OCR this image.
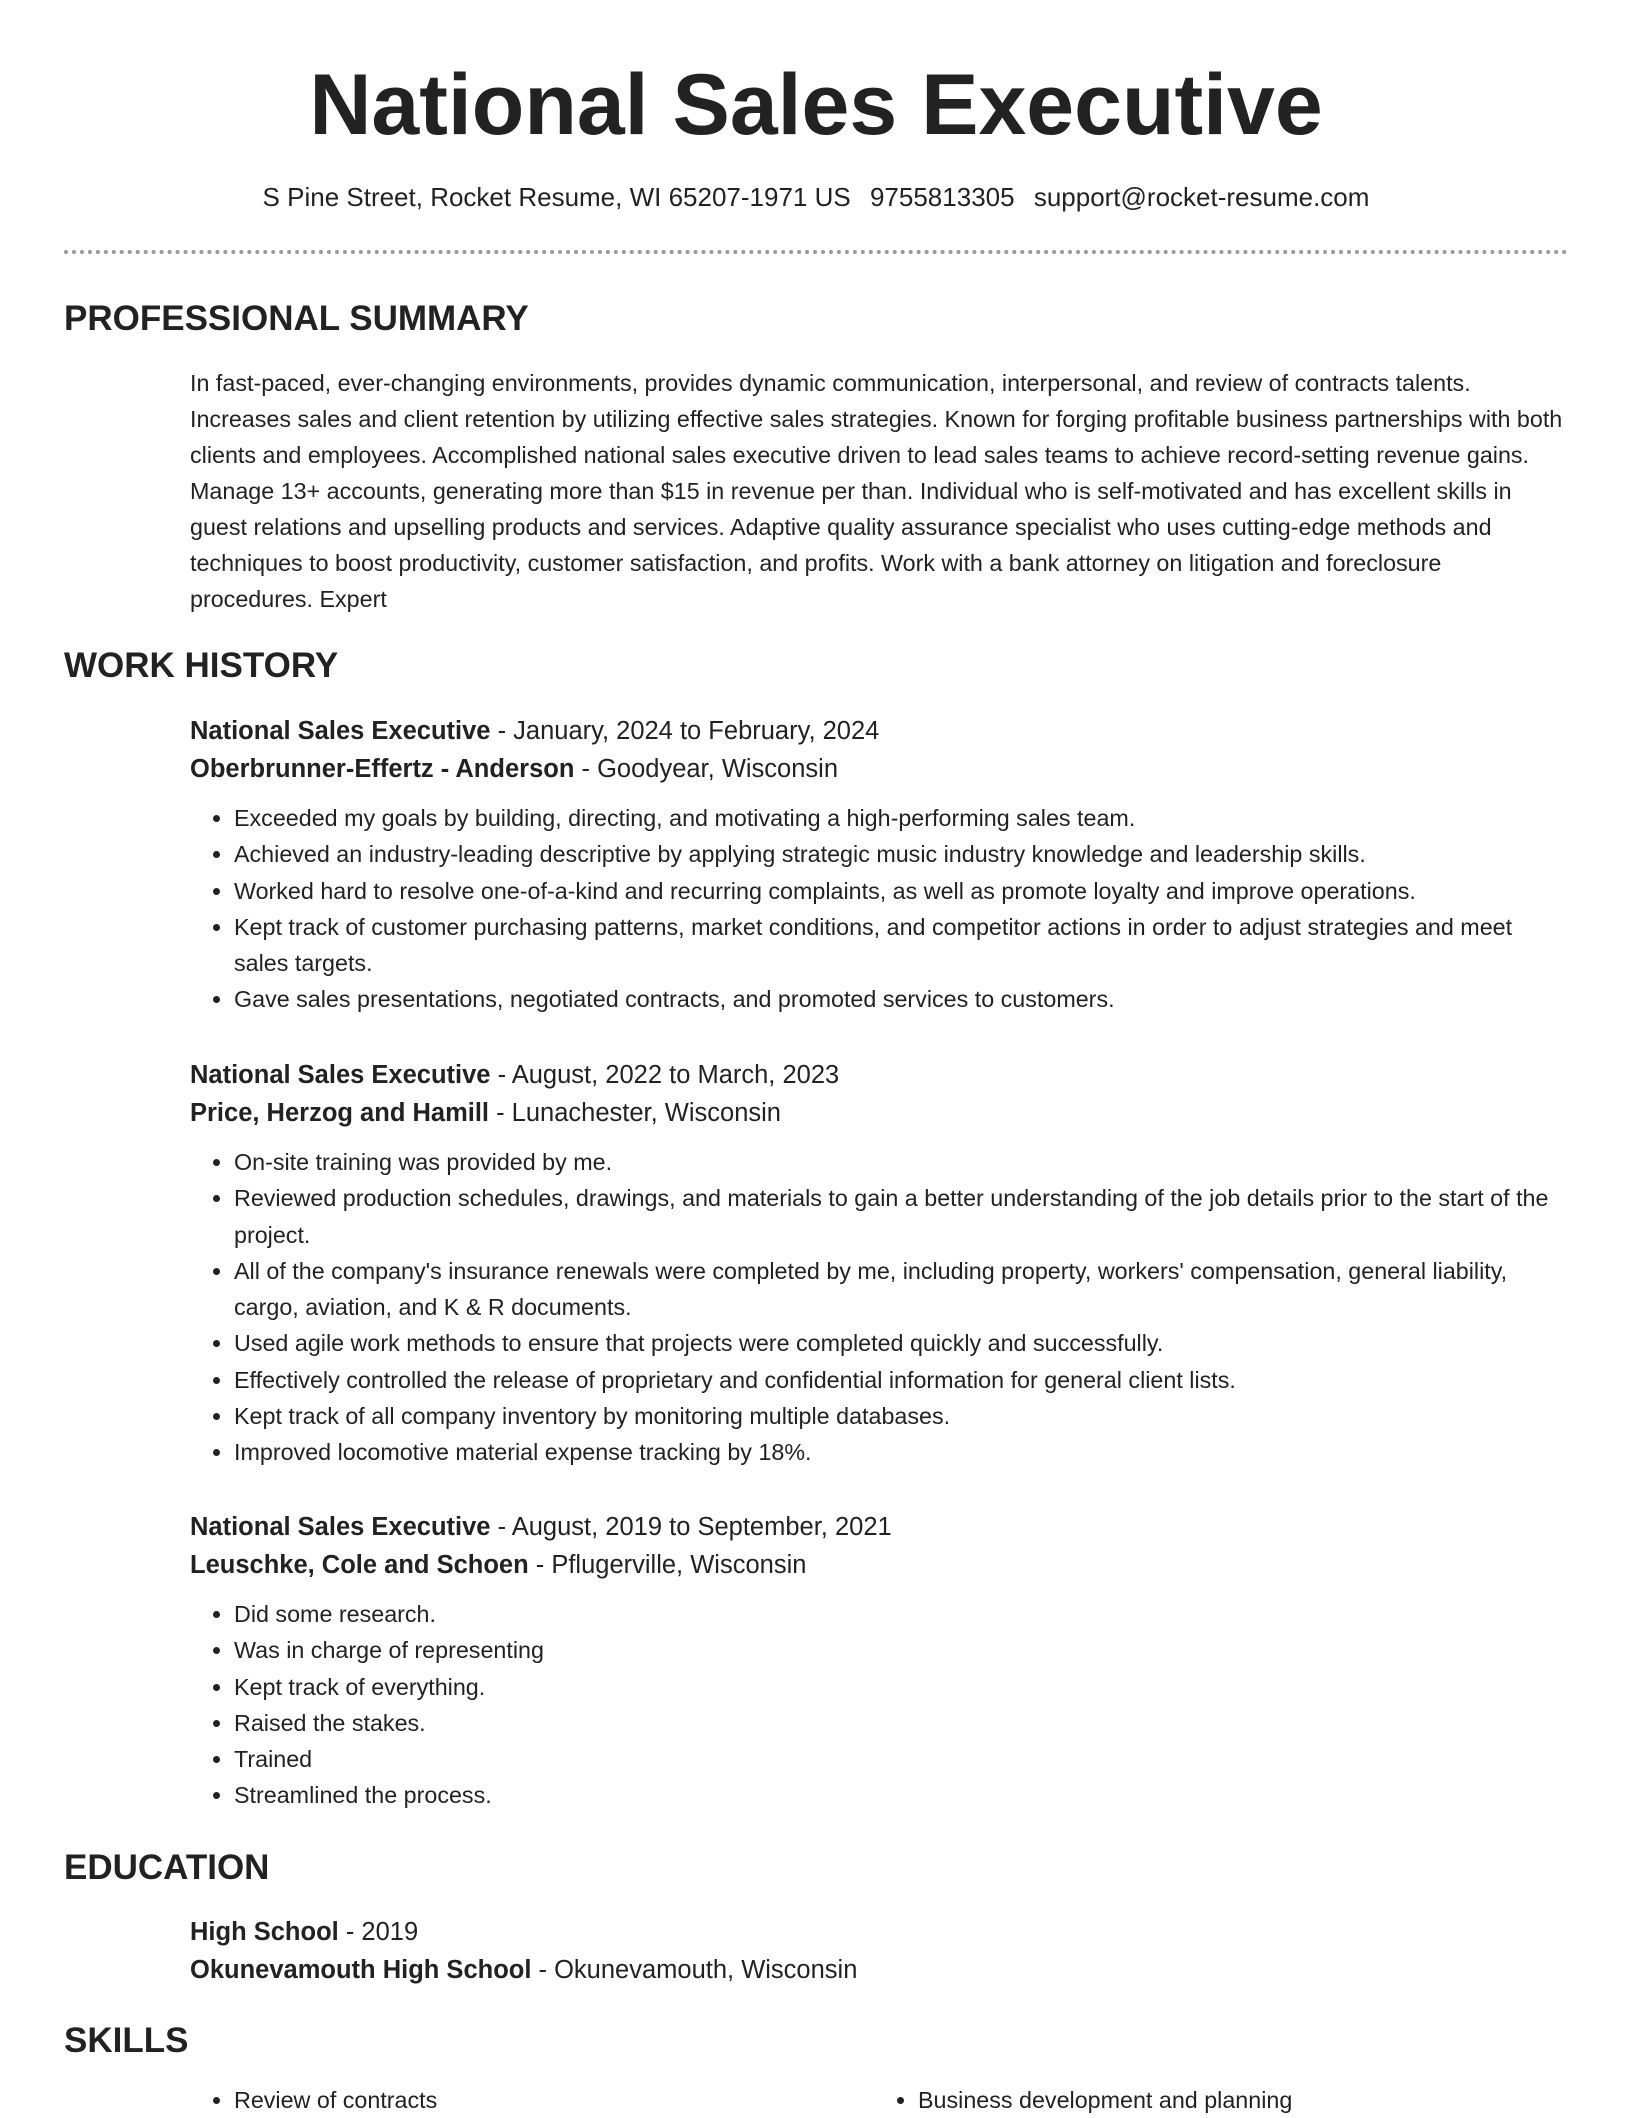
National Sales Executive
S Pine Street, Rocket Resume, WI 65207-1971 US 9755813305 support@rocket-resume.com
PROFESSIONAL SUMMARY

In fast-paced, ever-changing environments, provides dynamic communication, interpersonal, and review of contracts talents. Increases sales and client retention by utilizing effective sales strategies. Known for forging profitable business partnerships with both clients and employees. Accomplished national sales executive driven to lead sales teams to achieve record-setting revenue gains. Manage 13+ accounts, generating more than $15 in revenue per than. Individual who is self-motivated and has excellent skills in guest relations and upselling products and services. Adaptive quality assurance specialist who uses cutting-edge methods and techniques to boost productivity, customer satisfaction, and profits. Work with a bank attorney on litigation and foreclosure procedures. Expert

WORK HISTORY

National Sales Executive - January, 2024 to February, 2024

Oberbrunner-Effertz - Anderson - Goodyear, Wisconsin

• Exceeded my goals by building, directing, and motivating a high-performing sales team.
• Achieved an industry-leading descriptive by applying strategic music industry knowledge and leadership skills.
• Worked hard to resolve one-of-a-kind and recurring complaints, as well as promote loyalty and improve operations.
• Kept track of customer purchasing patterns, market conditions, and competitor actions in order to adjust strategies and meet sales targets.
• Gave sales presentations, negotiated contracts, and promoted services to customers.

National Sales Executive - August, 2022 to March, 2023

Price, Herzog and Hamill - Lunachester, Wisconsin

• On-site training was provided by me.
• Reviewed production schedules, drawings, and materials to gain a better understanding of the job details prior to the start of the project.
• All of the company's insurance renewals were completed by me, including property, workers' compensation, general liability, cargo, aviation, and K & R documents.
• Used agile work methods to ensure that projects were completed quickly and successfully.
• Effectively controlled the release of proprietary and confidential information for general client lists.
• Kept track of all company inventory by monitoring multiple databases.
• Improved locomotive material expense tracking by 18%.

National Sales Executive - August, 2019 to September, 2021

Leuschke, Cole and Schoen - Pflugerville, Wisconsin

• Did some research.
• Was in charge of representing
• Kept track of everything.
• Raised the stakes.
• Trained
• Streamlined the process.
EDUCATION

High School - 2019

Okunevamouth High School - Okunevamouth, Wisconsin

SKILLS
• Review of contracts
•	Business development and planning
